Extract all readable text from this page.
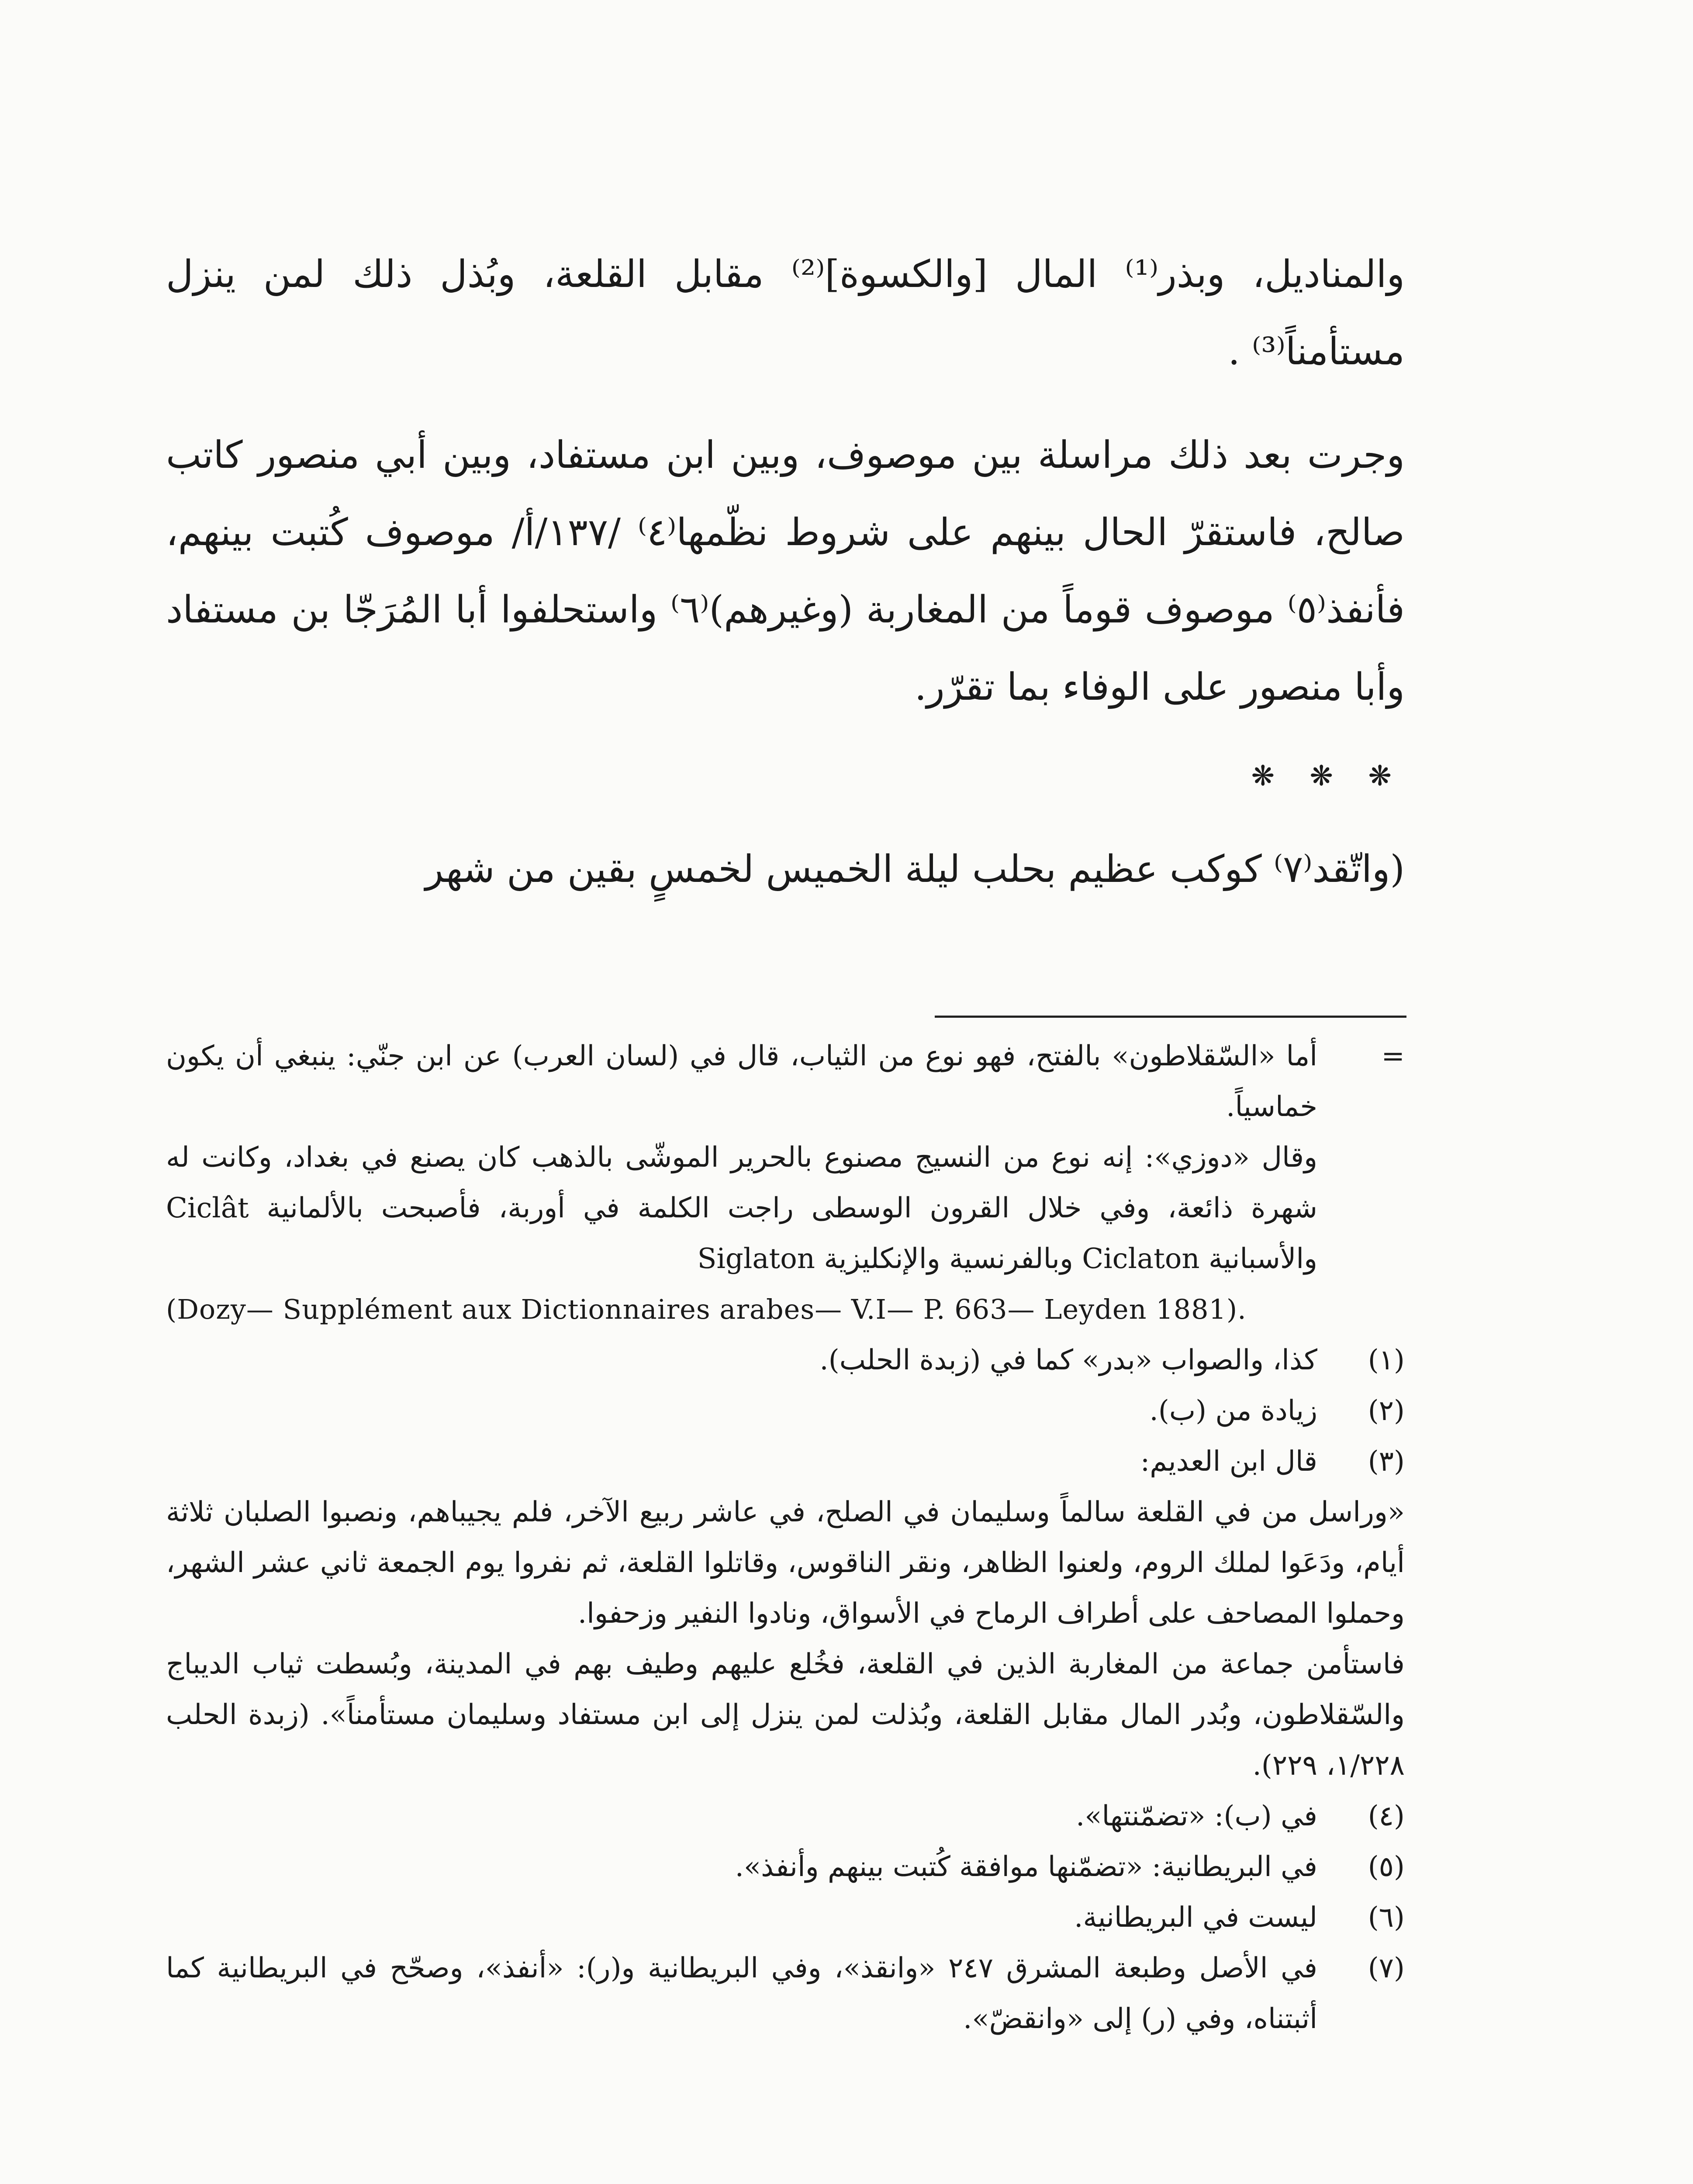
والمناديل، وبذر⁽¹⁾ المال [والكسوة]⁽²⁾ مقابل القلعة، وبُذل ذلك لمن ينزل مستأمناً⁽³⁾ .

وجرت بعد ذلك مراسلة بين موصوف، وبين ابن مستفاد، وبين أبي منصور كاتب صالح، فاستقرّ الحال بينهم على شروط نظّمها⁽٤⁾ /١٣٧/أ/ موصوف كُتبت بينهم، فأنفذ⁽٥⁾ موصوف قوماً من المغاربة (وغيرهم)⁽٦⁾ واستحلفوا أبا المُرَجّا بن مستفاد وأبا منصور على الوفاء بما تقرّر.

❋ ❋ ❋

(واتّقد⁽٧⁾ كوكب عظيم بحلب ليلة الخميس لخمسٍ بقين من شهر

=

أما «السّقلاطون» بالفتح، فهو نوع من الثياب، قال في (لسان العرب) عن ابن جنّي: ينبغي أن يكون خماسياً.

وقال «دوزي»: إنه نوع من النسيج مصنوع بالحرير الموشّى بالذهب كان يصنع في بغداد، وكانت له شهرة ذائعة، وفي خلال القرون الوسطى راجت الكلمة في أوربة، فأصبحت بالألمانية Ciclât والأسبانية Ciclaton وبالفرنسية والإنكليزية Siglaton

(Dozy— Supplément aux Dictionnaires arabes— V.I— P. 663— Leyden 1881).

(١)
كذا، والصواب «بدر» كما في (زبدة الحلب).
(٢)
زيادة من (ب).
(٣)
قال ابن العديم:

«وراسل من في القلعة سالماً وسليمان في الصلح، في عاشر ربيع الآخر، فلم يجيباهم، ونصبوا الصلبان ثلاثة أيام، ودَعَوا لملك الروم، ولعنوا الظاهر، ونقر الناقوس، وقاتلوا القلعة، ثم نفروا يوم الجمعة ثاني عشر الشهر، وحملوا المصاحف على أطراف الرماح في الأسواق، ونادوا النفير وزحفوا.

فاستأمن جماعة من المغاربة الذين في القلعة، فخُلع عليهم وطيف بهم في المدينة، وبُسطت ثياب الديباج والسّقلاطون، وبُدر المال مقابل القلعة، وبُذلت لمن ينزل إلى ابن مستفاد وسليمان مستأمناً». (زبدة الحلب ١/٢٢٨، ٢٢٩).

(٤)
في (ب): «تضمّنتها».
(٥)
في البريطانية: «تضمّنها موافقة كُتبت بينهم وأنفذ».
(٦)
ليست في البريطانية.
(٧)
في الأصل وطبعة المشرق ٢٤٧ «وانقذ»، وفي البريطانية و(ر): «أنفذ»، وصحّح في البريطانية كما أثبتناه، وفي (ر) إلى «وانقضّ».
